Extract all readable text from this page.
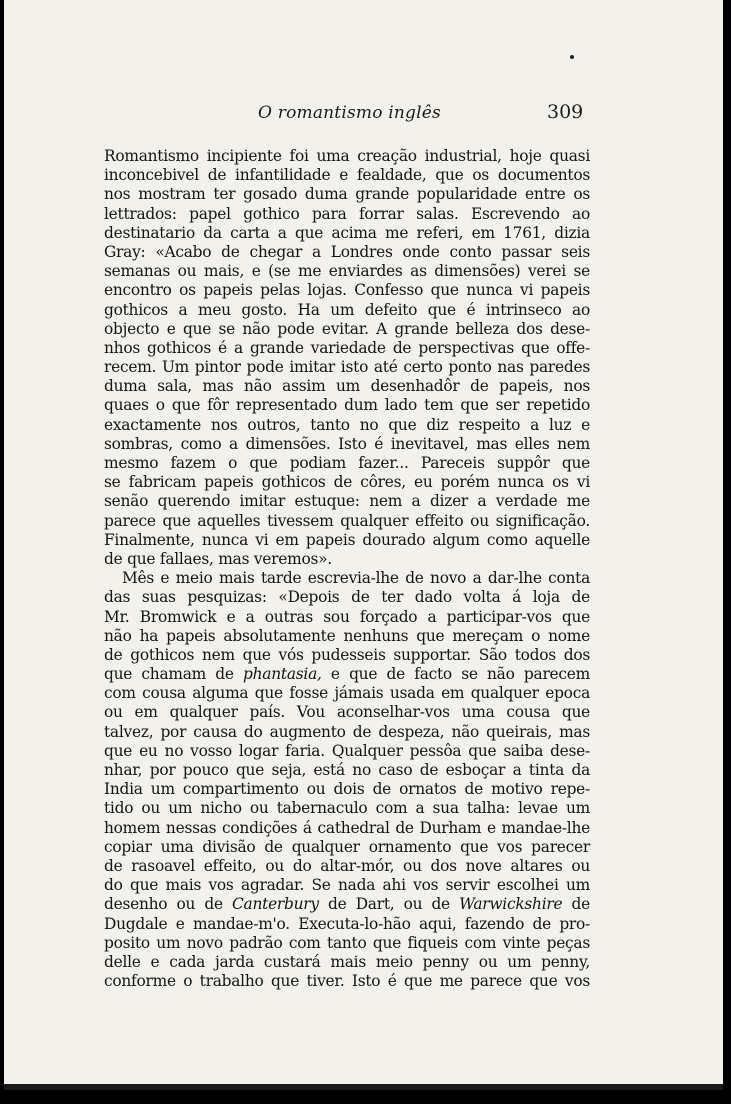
O romantismo inglês	309
Romantismo incipiente foi uma creação industrial, hoje quasi
inconcebivel de infantilidade e fealdade, que os documentos
nos mostram ter gosado duma grande popularidade entre os
lettrados: papel gothico para forrar salas. Escrevendo ao
destinatario da carta a que acima me referi, em 1761, dizia
Gray: «Acabo de chegar a Londres onde conto passar seis
semanas ou mais, e (se me enviardes as dimensões) verei se
encontro os papeis pelas lojas. Confesso que nunca vi papeis
gothicos a meu gosto. Ha um defeito que é intrinseco ao
objecto e que se não pode evitar. A grande belleza dos dese-
nhos gothicos é a grande variedade de perspectivas que offe-
recem. Um pintor pode imitar isto até certo ponto nas paredes
duma sala, mas não assim um desenhadôr de papeis, nos
quaes o que fôr representado dum lado tem que ser repetido
exactamente nos outros, tanto no que diz respeito a luz e
sombras, como a dimensões. Isto é inevitavel, mas elles nem
mesmo fazem o que podiam fazer... Pareceis suppôr que
se fabricam papeis gothicos de côres, eu porém nunca os vi
senão querendo imitar estuque: nem a dizer a verdade me
parece que aquelles tivessem qualquer effeito ou significação.
Finalmente, nunca vi em papeis dourado algum como aquelle
de que fallaes, mas veremos».
Mês e meio mais tarde escrevia-lhe de novo a dar-lhe conta
das suas pesquizas: «Depois de ter dado volta á loja de
Mr. Bromwick e a outras sou forçado a participar-vos que
não ha papeis absolutamente nenhuns que mereçam o nome
de gothicos nem que vós pudesseis supportar. São todos dos
que chamam de phantasia, e que de facto se não parecem
com cousa alguma que fosse jámais usada em qualquer epoca
ou em qualquer país. Vou aconselhar-vos uma cousa que
talvez, por causa do augmento de despeza, não queirais, mas
que eu no vosso logar faria. Qualquer pessôa que saiba dese-
nhar, por pouco que seja, está no caso de esboçar a tinta da
India um compartimento ou dois de ornatos de motivo repe-
tido ou um nicho ou tabernaculo com a sua talha: levae um
homem nessas condições á cathedral de Durham e mandae-lhe
copiar uma divisão de qualquer ornamento que vos parecer
de rasoavel effeito, ou do altar-mór, ou dos nove altares ou
do que mais vos agradar. Se nada ahi vos servir escolhei um
desenho ou de Canterbury de Dart, ou de Warwickshire de
Dugdale e mandae-m'o. Executa-lo-hão aqui, fazendo de pro-
posito um novo padrão com tanto que fiqueis com vinte peças
delle e cada jarda custará mais meio penny ou um penny,
conforme o trabalho que tiver. Isto é que me parece que vos
